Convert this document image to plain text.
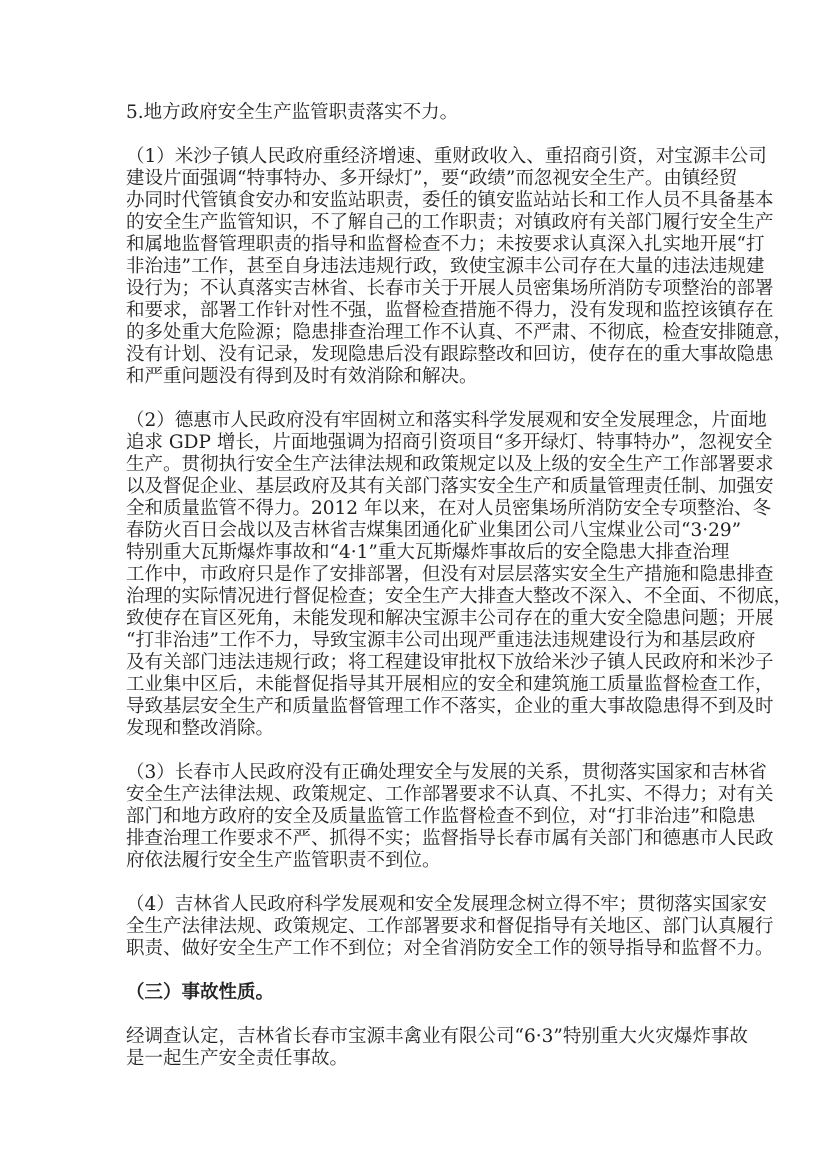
5.地方政府安全生产监管职责落实不力。
（1）米沙子镇人民政府重经济增速、重财政收入、重招商引资，对宝源丰公司
建设片面强调“特事特办、多开绿灯”，要“政绩”而忽视安全生产。由镇经贸
办同时代管镇食安办和安监站职责，委任的镇安监站站长和工作人员不具备基本
的安全生产监管知识，不了解自己的工作职责；对镇政府有关部门履行安全生产
和属地监督管理职责的指导和监督检查不力；未按要求认真深入扎实地开展“打
非治违”工作，甚至自身违法违规行政，致使宝源丰公司存在大量的违法违规建
设行为；不认真落实吉林省、长春市关于开展人员密集场所消防专项整治的部署
和要求，部署工作针对性不强，监督检查措施不得力，没有发现和监控该镇存在
的多处重大危险源；隐患排查治理工作不认真、不严肃、不彻底，检查安排随意，
没有计划、没有记录，发现隐患后没有跟踪整改和回访，使存在的重大事故隐患
和严重问题没有得到及时有效消除和解决。
（2）德惠市人民政府没有牢固树立和落实科学发展观和安全发展理念，片面地
追求 GDP 增长，片面地强调为招商引资项目“多开绿灯、特事特办”，忽视安全
生产。贯彻执行安全生产法律法规和政策规定以及上级的安全生产工作部署要求
以及督促企业、基层政府及其有关部门落实安全生产和质量管理责任制、加强安
全和质量监管不得力。2012 年以来，在对人员密集场所消防安全专项整治、冬
春防火百日会战以及吉林省吉煤集团通化矿业集团公司八宝煤业公司“3·29”
特别重大瓦斯爆炸事故和“4·1”重大瓦斯爆炸事故后的安全隐患大排查治理
工作中，市政府只是作了安排部署，但没有对层层落实安全生产措施和隐患排查
治理的实际情况进行督促检查；安全生产大排查大整改不深入、不全面、不彻底，
致使存在盲区死角，未能发现和解决宝源丰公司存在的重大安全隐患问题；开展
“打非治违”工作不力，导致宝源丰公司出现严重违法违规建设行为和基层政府
及有关部门违法违规行政；将工程建设审批权下放给米沙子镇人民政府和米沙子
工业集中区后，未能督促指导其开展相应的安全和建筑施工质量监督检查工作，
导致基层安全生产和质量监督管理工作不落实，企业的重大事故隐患得不到及时
发现和整改消除。
（3）长春市人民政府没有正确处理安全与发展的关系，贯彻落实国家和吉林省
安全生产法律法规、政策规定、工作部署要求不认真、不扎实、不得力；对有关
部门和地方政府的安全及质量监管工作监督检查不到位，对“打非治违”和隐患
排查治理工作要求不严、抓得不实；监督指导长春市属有关部门和德惠市人民政
府依法履行安全生产监管职责不到位。
（4）吉林省人民政府科学发展观和安全发展理念树立得不牢；贯彻落实国家安
全生产法律法规、政策规定、工作部署要求和督促指导有关地区、部门认真履行
职责、做好安全生产工作不到位；对全省消防安全工作的领导指导和监督不力。
（三）事故性质。
经调查认定，吉林省长春市宝源丰禽业有限公司“6·3”特别重大火灾爆炸事故
是一起生产安全责任事故。
